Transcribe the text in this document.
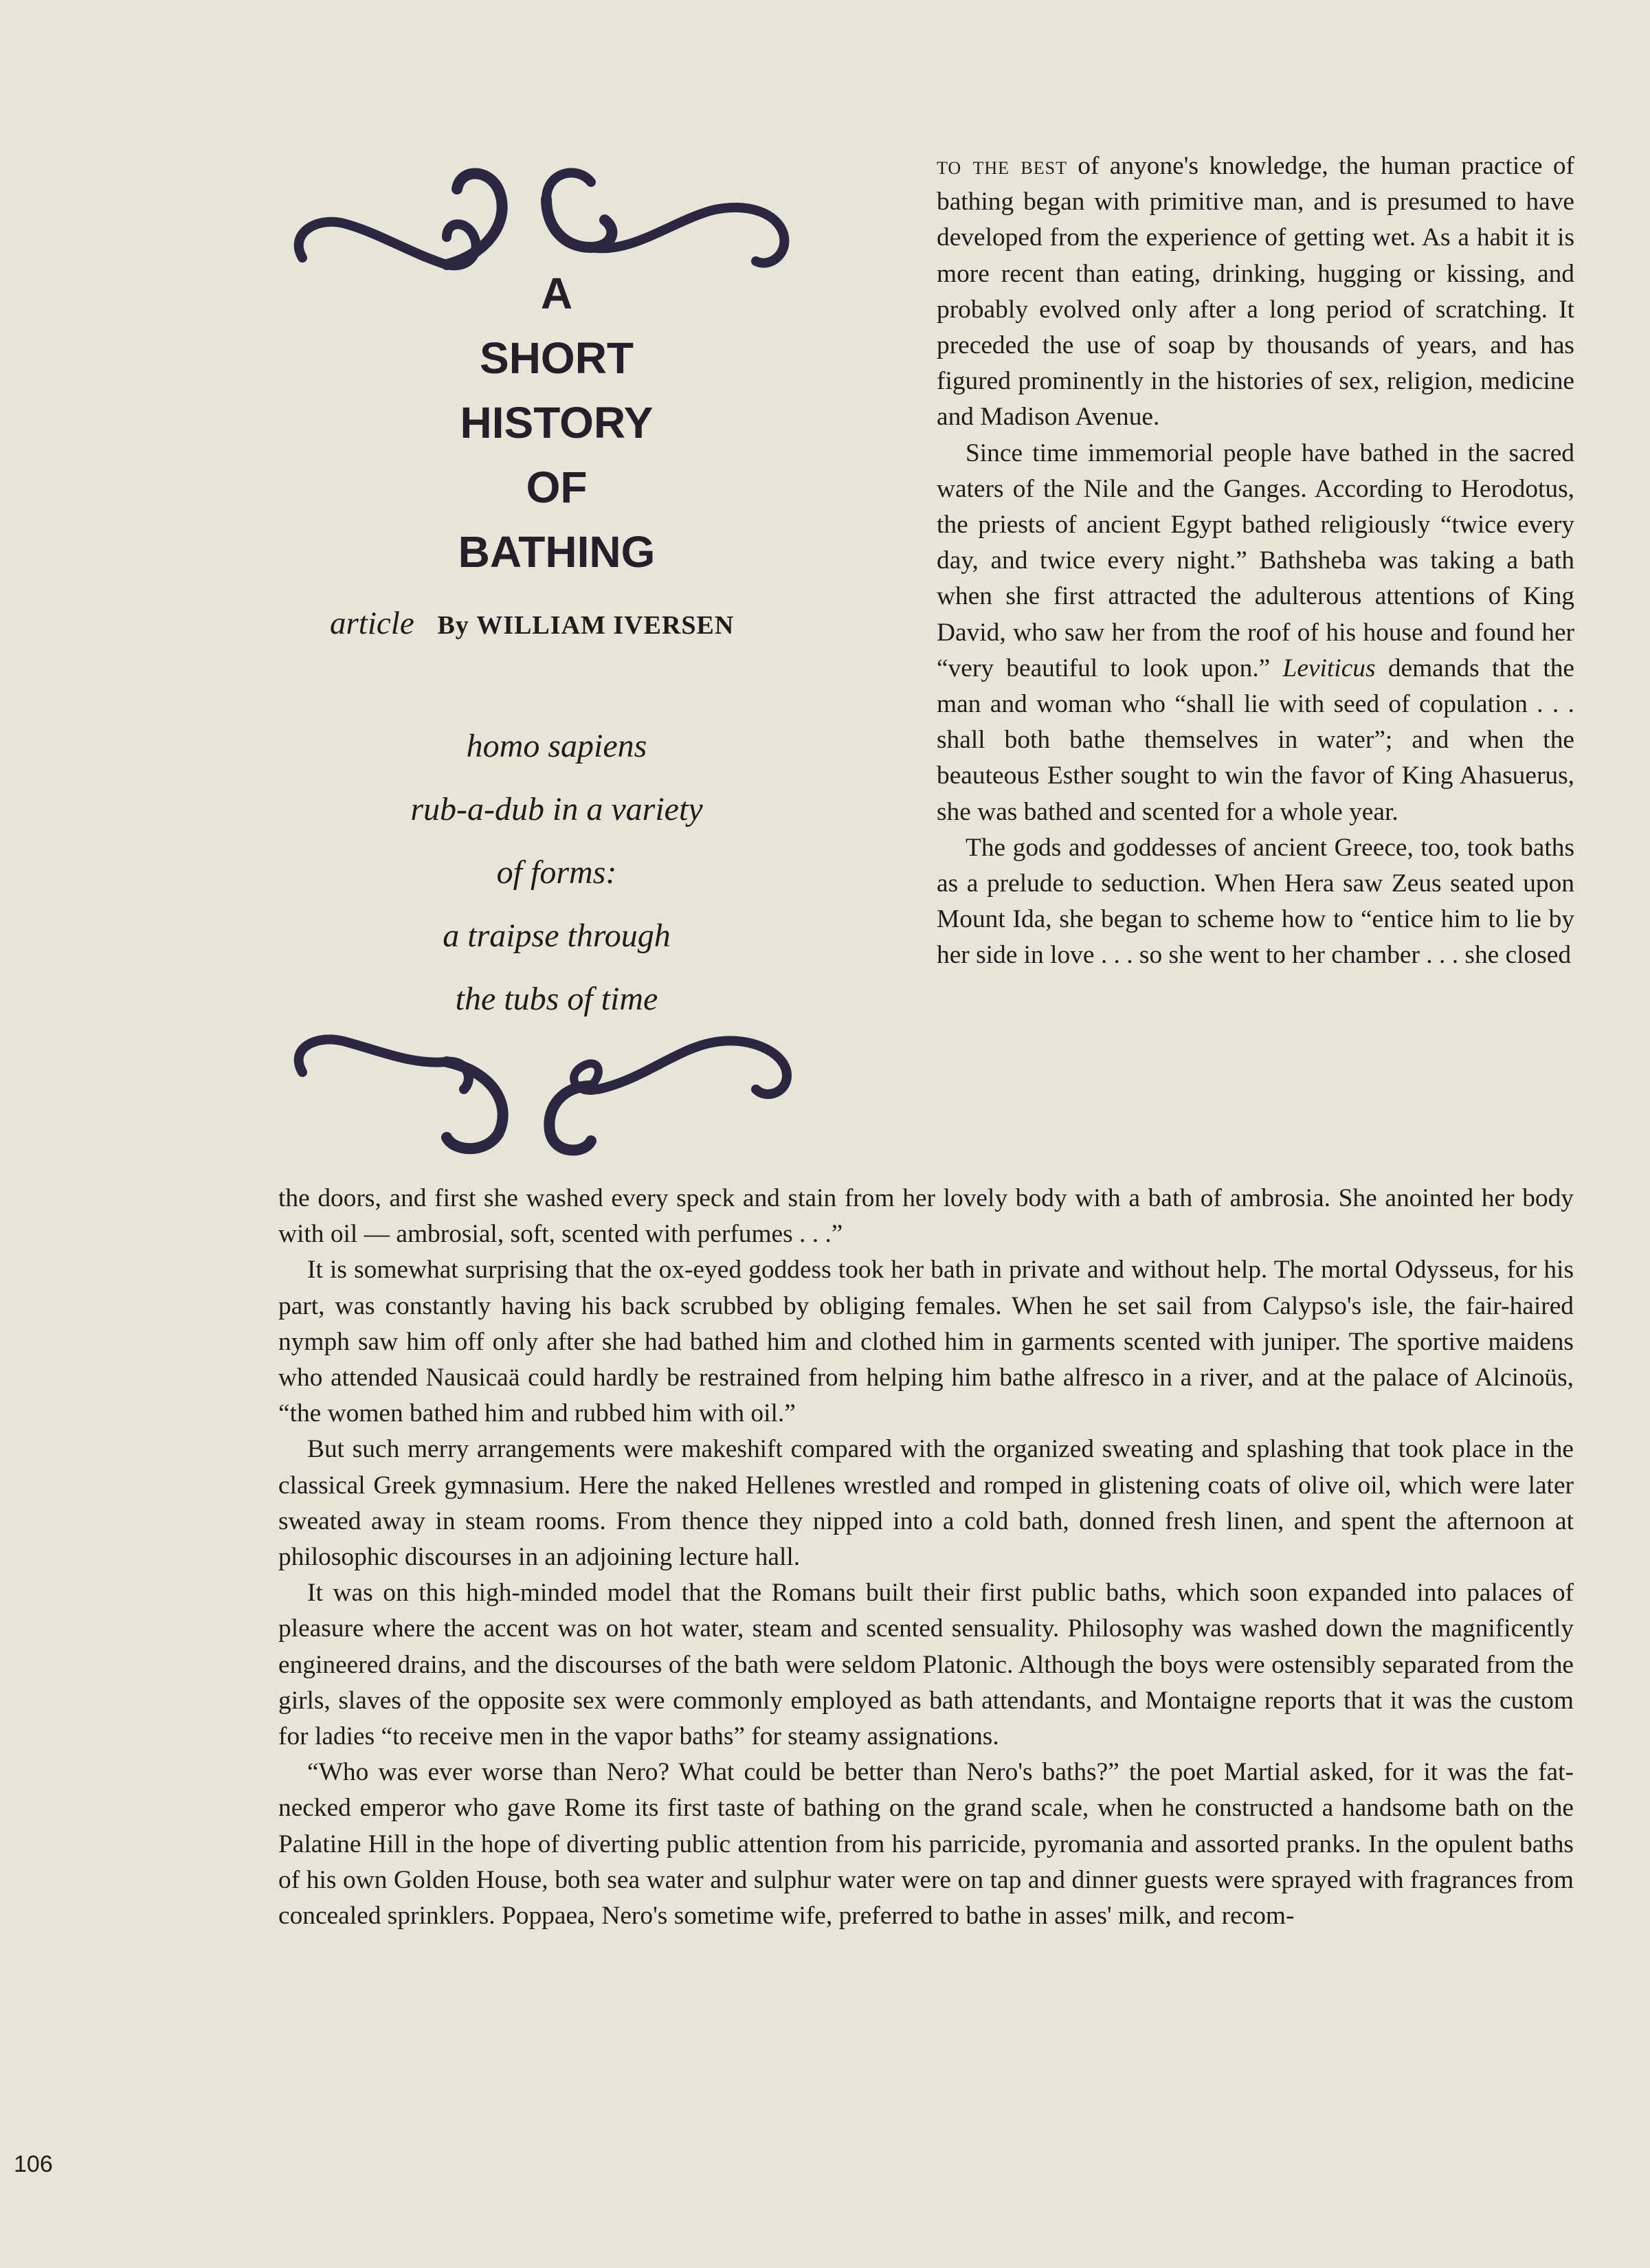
A
SHORT
HISTORY
OF
BATHING
article By WILLIAM IVERSEN
homo sapiens
rub-a-dub in a variety
of forms:
a traipse through
the tubs of time

to the best of anyone's knowledge, the human practice of bathing began with primitive man, and is presumed to have developed from the experience of getting wet. As a habit it is more recent than eating, drinking, hugging or kissing, and probably evolved only after a long period of scratching. It preceded the use of soap by thousands of years, and has figured prominently in the histories of sex, religion, medicine and Madison Avenue.

Since time immemorial people have bathed in the sacred waters of the Nile and the Ganges. According to Herodotus, the priests of ancient Egypt bathed religiously “twice every day, and twice every night.” Bathsheba was taking a bath when she first attracted the adulterous attentions of King David, who saw her from the roof of his house and found her “very beautiful to look upon.” Leviticus demands that the man and woman who “shall lie with seed of copulation . . . shall both bathe themselves in water”; and when the beauteous Esther sought to win the favor of King Ahasuerus, she was bathed and scented for a whole year.

The gods and goddesses of ancient Greece, too, took baths as a prelude to seduction. When Hera saw Zeus seated upon Mount Ida, she began to scheme how to “entice him to lie by her side in love . . . so she went to her chamber . . . she closed

the doors, and first she washed every speck and stain from her lovely body with a bath of ambrosia. She anointed her body with oil — ambrosial, soft, scented with perfumes . . .”

It is somewhat surprising that the ox-eyed goddess took her bath in private and without help. The mortal Odysseus, for his part, was constantly having his back scrubbed by obliging females. When he set sail from Calypso's isle, the fair-haired nymph saw him off only after she had bathed him and clothed him in garments scented with juniper. The sportive maidens who attended Nausicaä could hardly be restrained from helping him bathe alfresco in a river, and at the palace of Alcinoüs, “the women bathed him and rubbed him with oil.”

But such merry arrangements were makeshift compared with the organized sweating and splashing that took place in the classical Greek gymnasium. Here the naked Hellenes wrestled and romped in glistening coats of olive oil, which were later sweated away in steam rooms. From thence they nipped into a cold bath, donned fresh linen, and spent the afternoon at philosophic discourses in an adjoining lecture hall.

It was on this high-minded model that the Romans built their first public baths, which soon expanded into palaces of pleasure where the accent was on hot water, steam and scented sensuality. Philosophy was washed down the magnificently engineered drains, and the discourses of the bath were seldom Platonic. Although the boys were ostensibly separated from the girls, slaves of the opposite sex were commonly employed as bath attendants, and Montaigne reports that it was the custom for ladies “to receive men in the vapor baths” for steamy assignations.

“Who was ever worse than Nero? What could be better than Nero's baths?” the poet Martial asked, for it was the fat-necked emperor who gave Rome its first taste of bathing on the grand scale, when he constructed a handsome bath on the Palatine Hill in the hope of diverting public attention from his parricide, pyromania and assorted pranks. In the opulent baths of his own Golden House, both sea water and sulphur water were on tap and dinner guests were sprayed with fragrances from concealed sprinklers. Poppaea, Nero's sometime wife, preferred to bathe in asses' milk, and recom-

106
